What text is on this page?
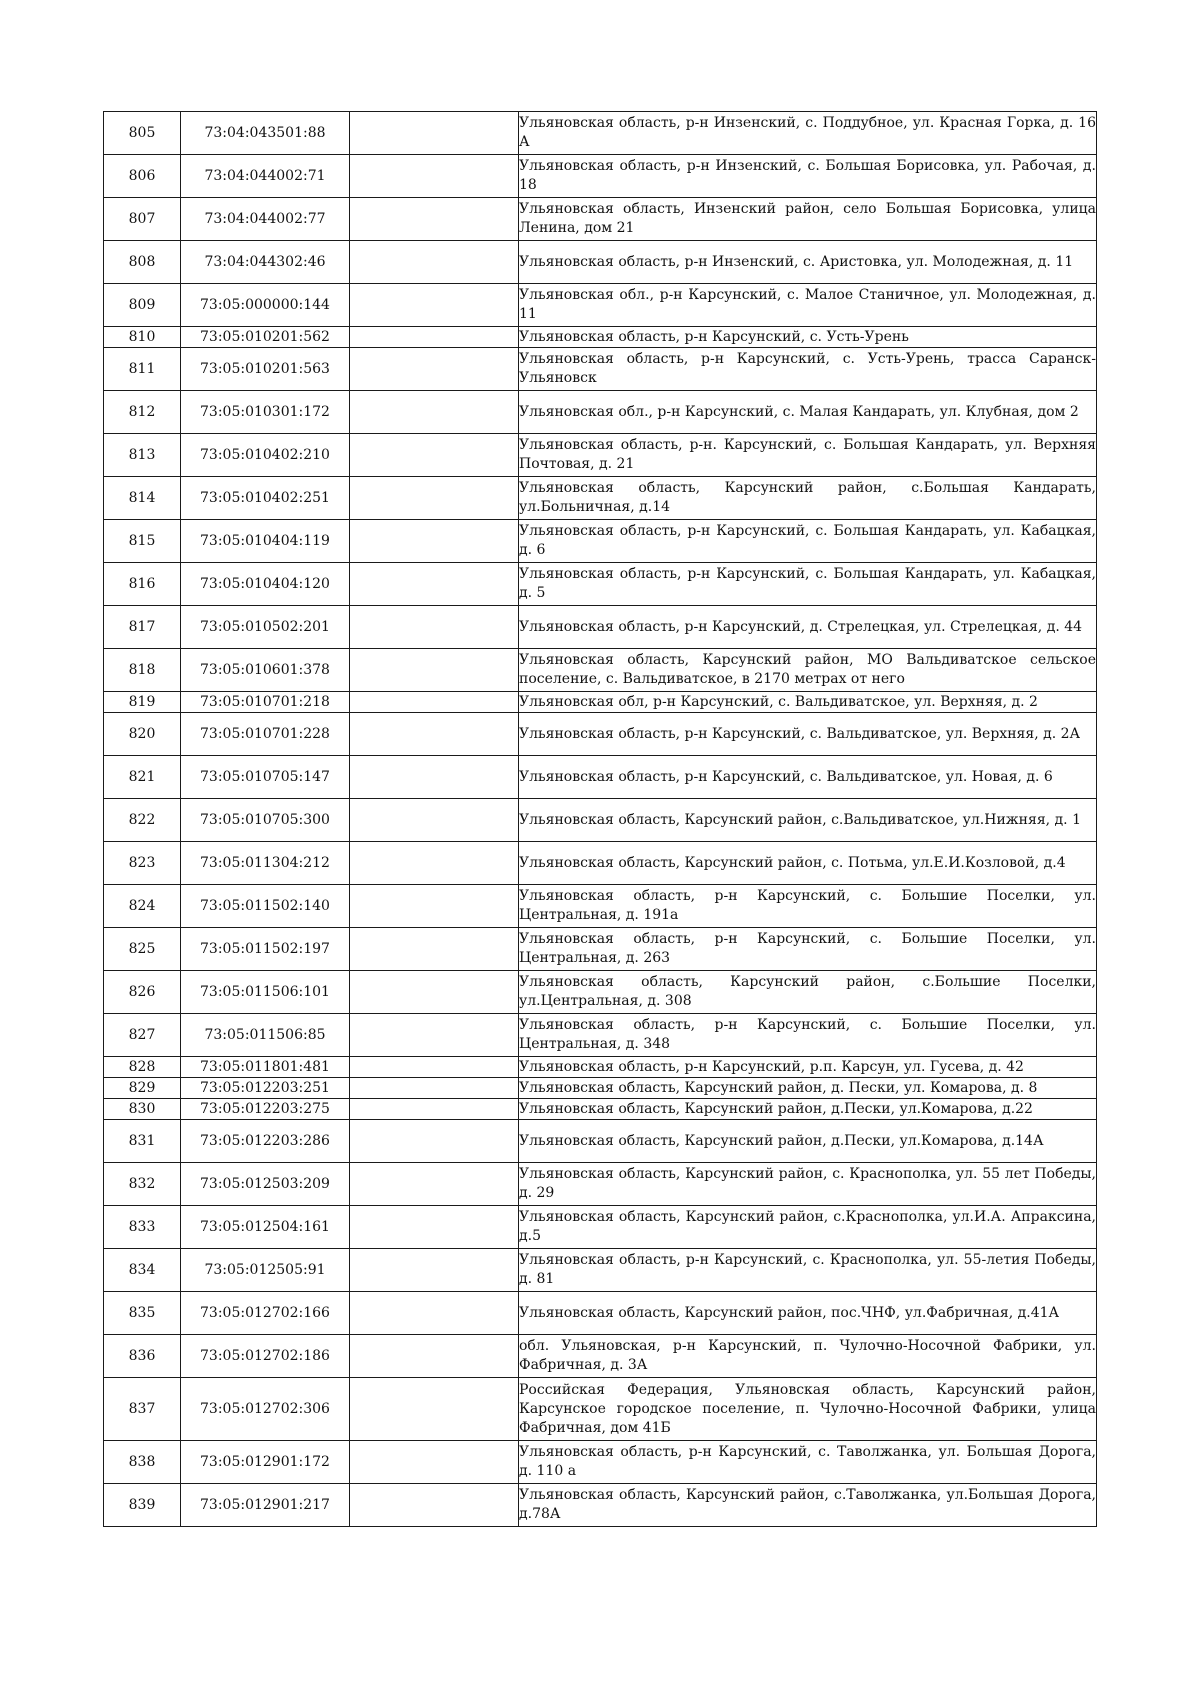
805	73:04:043501:88		Ульяновская область, р-н Инзенский, с. Поддубное, ул. Красная Горка, д. 16 А
806	73:04:044002:71		Ульяновская область, р-н Инзенский, с. Большая Борисовка, ул. Рабочая, д. 18
807	73:04:044002:77		Ульяновская область, Инзенский район, село Большая Борисовка, улица Ленина, дом 21
808	73:04:044302:46		Ульяновская область, р-н Инзенский, с. Аристовка, ул. Молодежная, д. 11
809	73:05:000000:144		Ульяновская обл., р-н Карсунский, с. Малое Станичное, ул. Молодежная, д. 11
810	73:05:010201:562		Ульяновская область, р-н Карсунский, с. Усть-Урень
811	73:05:010201:563		Ульяновская область, р-н Карсунский, с. Усть-Урень, трасса Саранск-Ульяновск
812	73:05:010301:172		Ульяновская обл., р-н Карсунский, с. Малая Кандарать, ул. Клубная, дом 2
813	73:05:010402:210		Ульяновская область, р-н. Карсунский, с. Большая Кандарать, ул. Верхняя Почтовая, д. 21
814	73:05:010402:251		Ульяновская область, Карсунский район, с.Большая Кандарать, ул.Больничная, д.14
815	73:05:010404:119		Ульяновская область, р-н Карсунский, с. Большая Кандарать, ул. Кабацкая, д. 6
816	73:05:010404:120		Ульяновская область, р-н Карсунский, с. Большая Кандарать, ул. Кабацкая, д. 5
817	73:05:010502:201		Ульяновская область, р-н Карсунский, д. Стрелецкая, ул. Стрелецкая, д. 44
818	73:05:010601:378		Ульяновская область, Карсунский район, МО Вальдиватское сельское поселение, с. Вальдиватское, в 2170 метрах от него
819	73:05:010701:218		Ульяновская обл, р-н Карсунский, с. Вальдиватское, ул. Верхняя, д. 2
820	73:05:010701:228		Ульяновская область, р-н Карсунский, с. Вальдиватское, ул. Верхняя, д. 2А
821	73:05:010705:147		Ульяновская область, р-н Карсунский, с. Вальдиватское, ул. Новая, д. 6
822	73:05:010705:300		Ульяновская область, Карсунский район, с.Вальдиватское, ул.Нижняя, д. 1
823	73:05:011304:212		Ульяновская область, Карсунский район, с. Потьма, ул.Е.И.Козловой, д.4
824	73:05:011502:140		Ульяновская область, р-н Карсунский, с. Большие Поселки, ул. Центральная, д. 191а
825	73:05:011502:197		Ульяновская область, р-н Карсунский, с. Большие Поселки, ул. Центральная, д. 263
826	73:05:011506:101		Ульяновская область, Карсунский район, с.Большие Поселки, ул.Центральная, д. 308
827	73:05:011506:85		Ульяновская область, р-н Карсунский, с. Большие Поселки, ул. Центральная, д. 348
828	73:05:011801:481		Ульяновская область, р-н Карсунский, р.п. Карсун, ул. Гусева, д. 42
829	73:05:012203:251		Ульяновская область, Карсунский район, д. Пески, ул. Комарова, д. 8
830	73:05:012203:275		Ульяновская область, Карсунский район, д.Пески, ул.Комарова, д.22
831	73:05:012203:286		Ульяновская область, Карсунский район, д.Пески, ул.Комарова, д.14А
832	73:05:012503:209		Ульяновская область, Карсунский район, с. Краснополка, ул. 55 лет Победы, д. 29
833	73:05:012504:161		Ульяновская область, Карсунский район, с.Краснополка, ул.И.А. Апраксина, д.5
834	73:05:012505:91		Ульяновская область, р-н Карсунский, с. Краснополка, ул. 55-летия Победы, д. 81
835	73:05:012702:166		Ульяновская область, Карсунский район, пос.ЧНФ, ул.Фабричная, д.41А
836	73:05:012702:186		обл. Ульяновская, р-н Карсунский, п. Чулочно-Носочной Фабрики, ул. Фабричная, д. 3А
837	73:05:012702:306		Российская Федерация, Ульяновская область, Карсунский район, Карсунское городское поселение, п. Чулочно-Носочной Фабрики, улица Фабричная, дом 41Б
838	73:05:012901:172		Ульяновская область, р-н Карсунский, с. Таволжанка, ул. Большая Дорога, д. 110 а
839	73:05:012901:217		Ульяновская область, Карсунский район, с.Таволжанка, ул.Большая Дорога, д.78А
